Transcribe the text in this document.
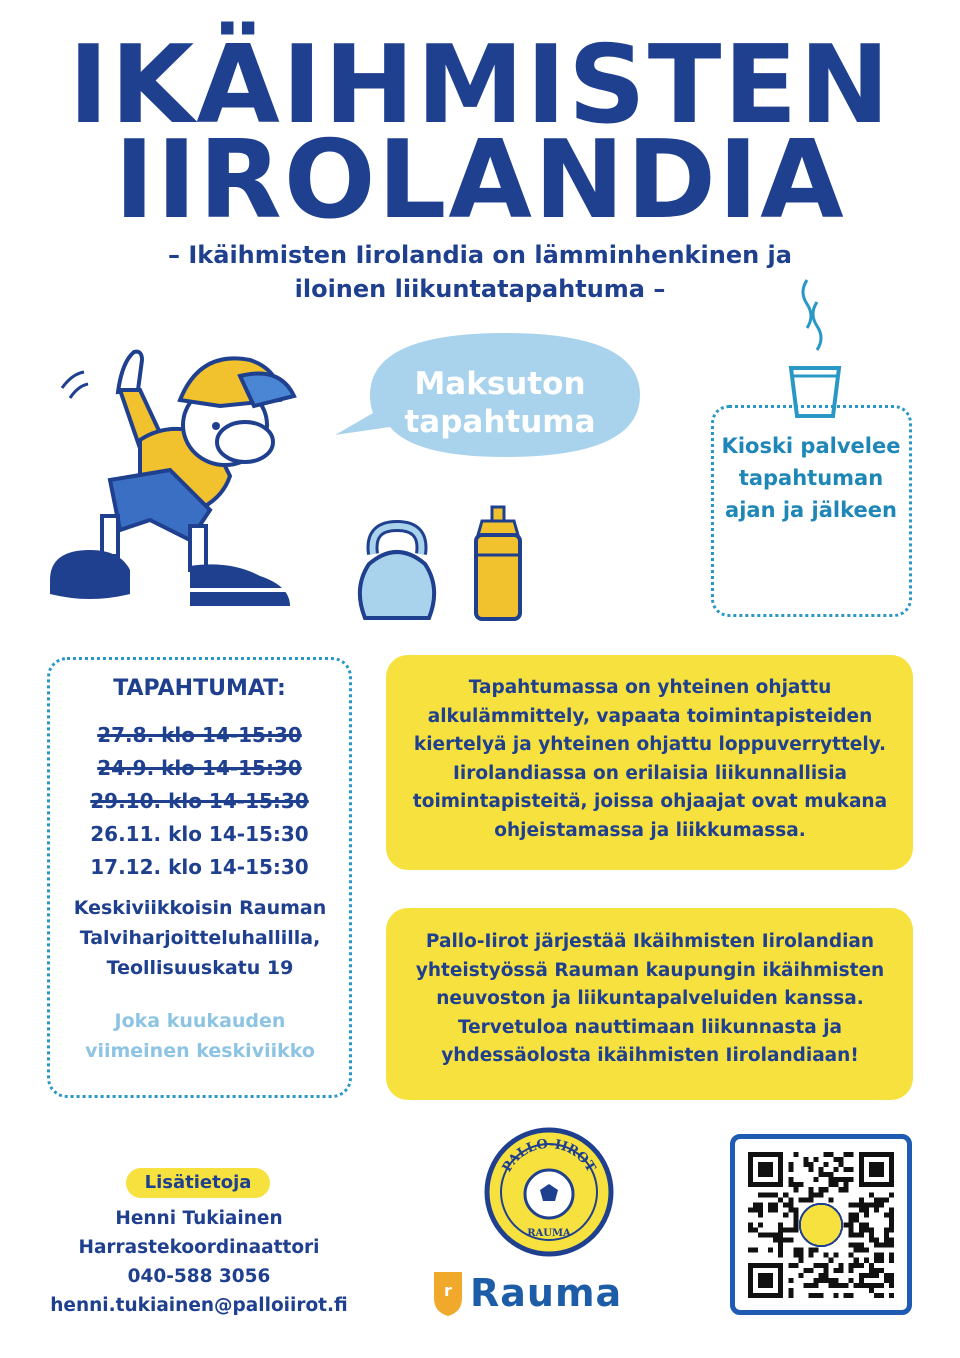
IKÄIHMISTEN
IIROLANDIA
– Ikäihmisten Iirolandia on lämminhenkinen ja iloinen liikuntatapahtuma –
Maksuton tapahtuma
Kioski palvelee tapahtuman ajan ja jälkeen
TAPAHTUMAT:
27.8. klo 14-15:30
24.9. klo 14-15:30
29.10. klo 14-15:30
26.11. klo 14-15:30
17.12. klo 14-15:30
Keskiviikkoisin Rauman Talviharjoitteluhallilla, Teollisuuskatu 19
Joka kuukauden viimeinen keskiviikko
Tapahtumassa on yhteinen ohjattu alkulämmittely, vapaata toimintapisteiden kiertelyä ja yhteinen ohjattu loppuverryttely. Iirolandiassa on erilaisia liikunnallisia toimintapisteitä, joissa ohjaajat ovat mukana ohjeistamassa ja liikkumassa.
Pallo-Iirot järjestää Ikäihmisten Iirolandian yhteistyössä Rauman kaupungin ikäihmisten neuvoston ja liikuntapalveluiden kanssa. Tervetuloa nauttimaan liikunnasta ja yhdessäolosta ikäihmisten Iirolandiaan!
Lisätietoja
Henni Tukiainen
Harrastekoordinaattori
040-588 3056
henni.tukiainen@palloiirot.fi
PALLO-IIROT
RAUMA
r Rauma
